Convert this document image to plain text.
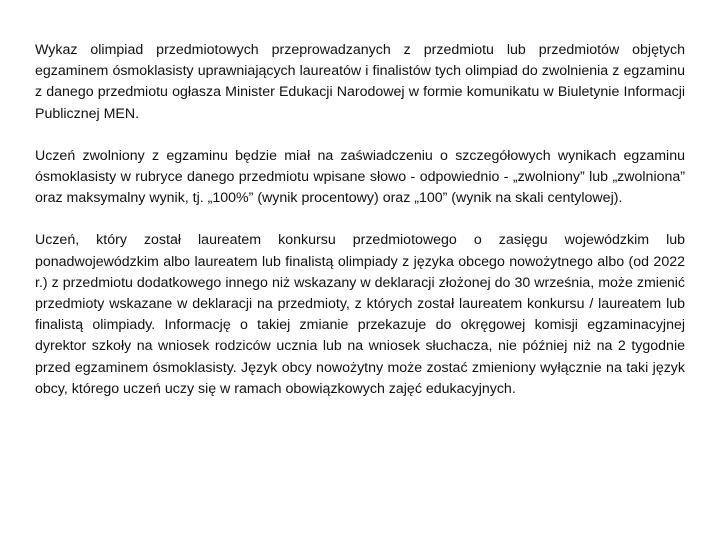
Wykaz olimpiad przedmiotowych przeprowadzanych z przedmiotu lub przedmiotów objętych egzaminem ósmoklasisty uprawniających laureatów i finalistów tych olimpiad do zwolnienia z egzaminu z danego przedmiotu ogłasza Minister Edukacji Narodowej w formie komunikatu w Biuletynie Informacji Publicznej MEN.

Uczeń zwolniony z egzaminu będzie miał na zaświadczeniu o szczegółowych wynikach egzaminu ósmoklasisty w rubryce danego przedmiotu wpisane słowo - odpowiednio - „zwolniony” lub „zwolniona” oraz maksymalny wynik, tj. „100%” (wynik procentowy) oraz „100” (wynik na skali centylowej).

Uczeń, który został laureatem konkursu przedmiotowego o zasięgu wojewódzkim lub ponadwojewódzkim albo laureatem lub finalistą olimpiady z języka obcego nowożytnego albo (od 2022 r.) z przedmiotu dodatkowego innego niż wskazany w deklaracji złożonej do 30 września, może zmienić przedmioty wskazane w deklaracji na przedmioty, z których został laureatem konkursu / laureatem lub finalistą olimpiady. Informację o takiej zmianie przekazuje do okręgowej komisji egzaminacyjnej dyrektor szkoły na wniosek rodziców ucznia lub na wniosek słuchacza, nie później niż na 2 tygodnie przed egzaminem ósmoklasisty. Język obcy nowożytny może zostać zmieniony wyłącznie na taki język obcy, którego uczeń uczy się w ramach obowiązkowych zajęć edukacyjnych.
